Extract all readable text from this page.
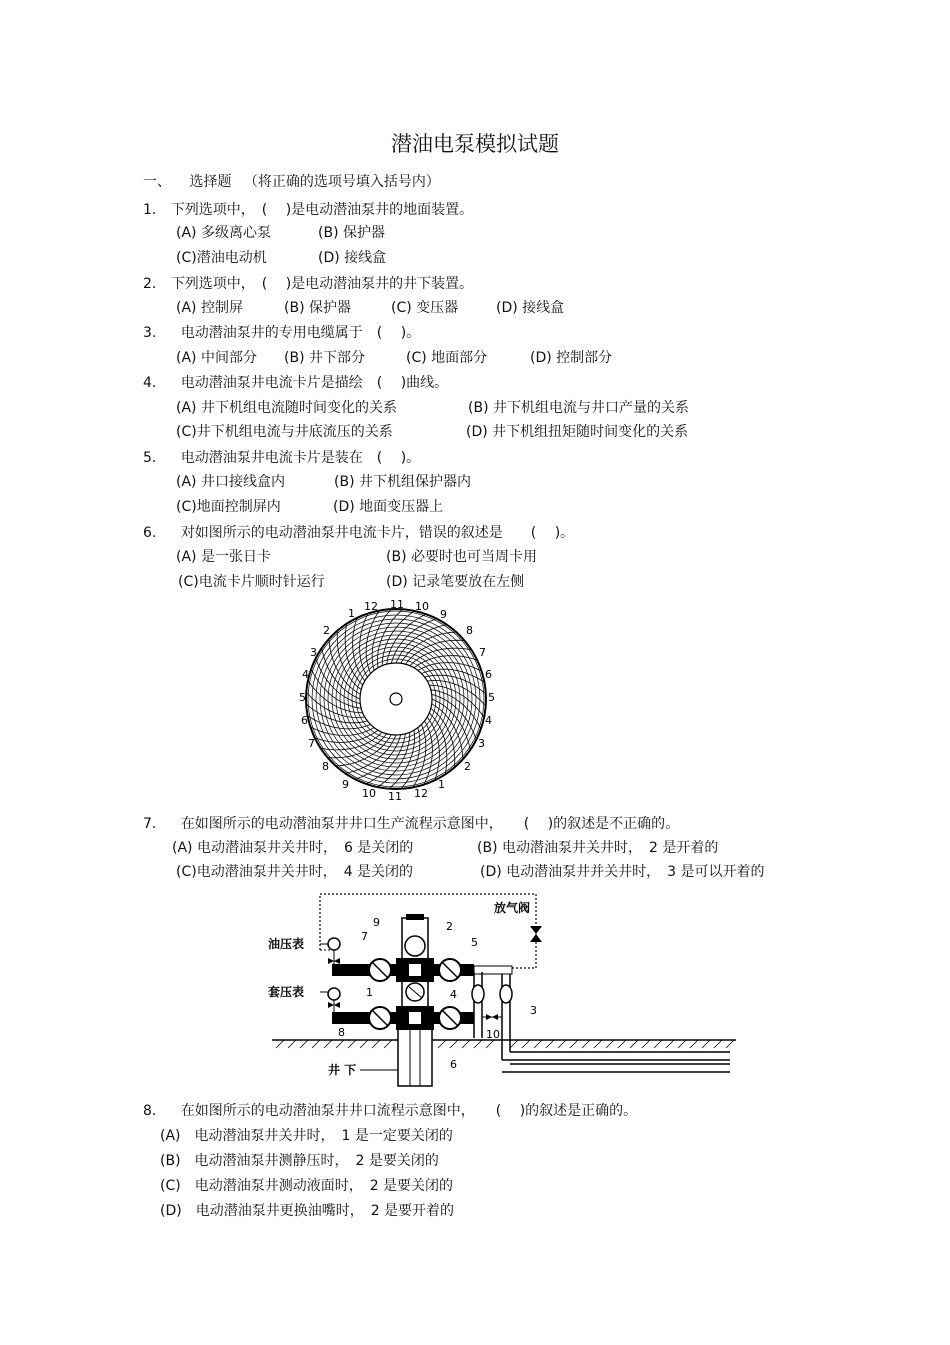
潜油电泵模拟试题
一、 选择题 （将正确的选项号填入括号内）
1. 下列选项中，　(　 )是电动潜油泵井的地面装置。
(A) 多级离心泵	(B) 保护器
(C)潜油电动机	(D) 接线盒
2. 下列选项中，　(　 )是电动潜油泵井的井下装置。
(A) 控制屏	(B) 保护器	(C) 变压器	(D) 接线盒
3. 电动潜油泵井的专用电缆属于　(　 )。
(A) 中间部分 (B) 井下部分	(C) 地面部分	(D) 控制部分
4. 电动潜油泵井电流卡片是描绘　(　 )曲线。
(A) 井下机组电流随时间变化的关系	(B) 井下机组电流与井口产量的关系
(C)井下机组电流与井底流压的关系	(D) 井下机组扭矩随时间变化的关系
5. 电动潜油泵井电流卡片是装在　(　 )。
(A) 井口接线盒内	(B) 井下机组保护器内
(C)地面控制屏内	(D) 地面变压器上
6. 对如图所示的电动潜油泵井电流卡片，错误的叙述是　　(　 )。
(A) 是一张日卡	(B) 必要时也可当周卡用
(C)电流卡片顺时针运行	(D) 记录笔要放在左侧
1
12 11 10
9
2
3
4
5
6
7
8
8
7
6
5
4
3
2
9
10 11 12
1
7. 在如图所示的电动潜油泵井井口生产流程示意图中，　　(　 )的叙述是不正确的。
(A) 电动潜油泵井关井时，　6 是关闭的	(B) 电动潜油泵井关井时，　2 是开着的
(C)电动潜油泵井关井时，　4 是关闭的	(D) 电动潜油泵井并关井时，　3 是可以开着的
油压表
套压表
放气阀
井 下
9
7
2
5
1	4
3
8	10
6
8. 在如图所示的电动潜油泵井井口流程示意图中，　　(　 )的叙述是正确的。
(A)　电动潜油泵井关井时，　1 是一定要关闭的
(B)　电动潜油泵井测静压时，　2 是要关闭的
(C)　电动潜油泵井测动液面时，　2 是要关闭的
(D)　电动潜油泵井更换油嘴时，　2 是要开着的
